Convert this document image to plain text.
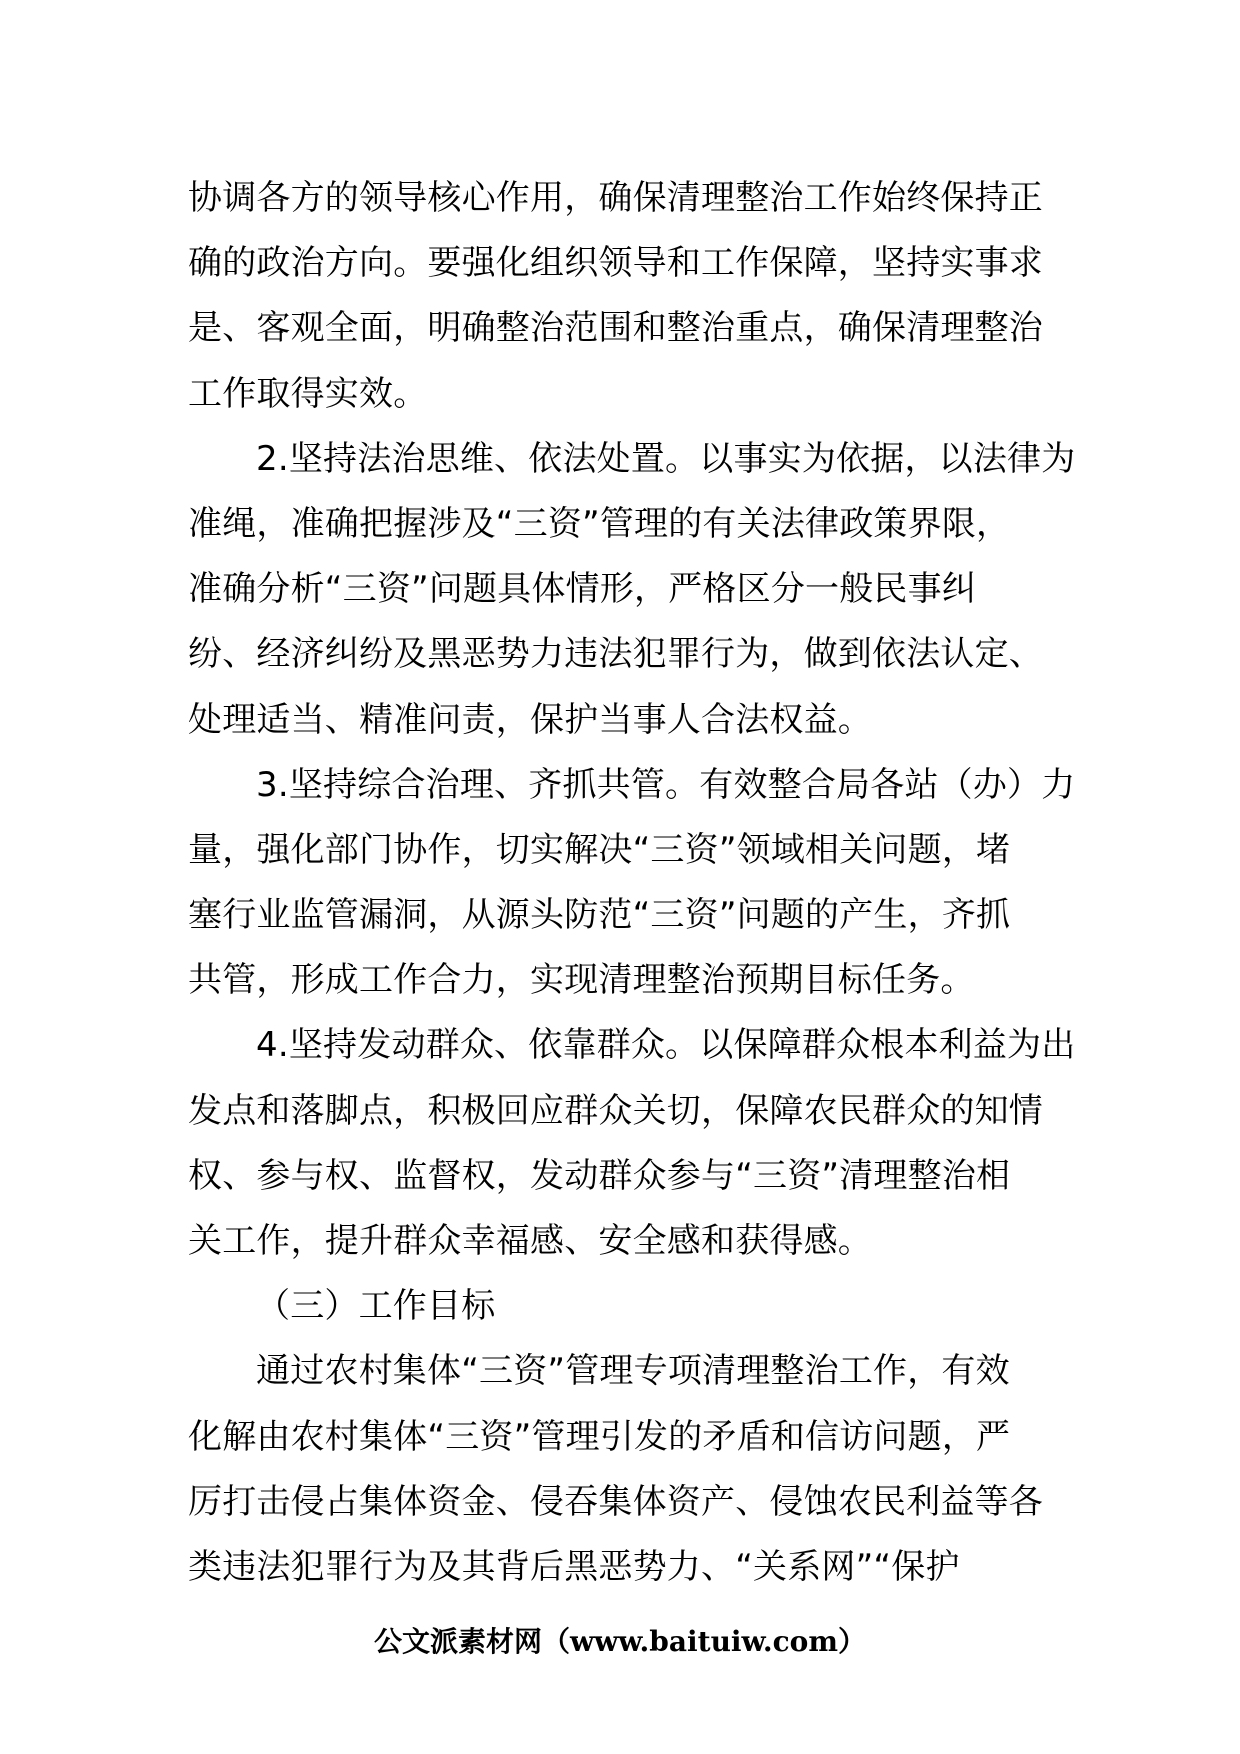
协调各方的领导核心作用，确保清理整治工作始终保持正
确的政治方向。要强化组织领导和工作保障，坚持实事求
是、客观全面，明确整治范围和整治重点，确保清理整治
工作取得实效。
2.坚持法治思维、依法处置。以事实为依据，以法律为
准绳，准确把握涉及“三资”管理的有关法律政策界限，
准确分析“三资”问题具体情形，严格区分一般民事纠
纷、经济纠纷及黑恶势力违法犯罪行为，做到依法认定、
处理适当、精准问责，保护当事人合法权益。
3.坚持综合治理、齐抓共管。有效整合局各站（办）力
量，强化部门协作，切实解决“三资”领域相关问题，堵
塞行业监管漏洞，从源头防范“三资”问题的产生，齐抓
共管，形成工作合力，实现清理整治预期目标任务。
4.坚持发动群众、依靠群众。以保障群众根本利益为出
发点和落脚点，积极回应群众关切，保障农民群众的知情
权、参与权、监督权，发动群众参与“三资”清理整治相
关工作，提升群众幸福感、安全感和获得感。
（三）工作目标
通过农村集体“三资”管理专项清理整治工作，有效
化解由农村集体“三资”管理引发的矛盾和信访问题，严
厉打击侵占集体资金、侵吞集体资产、侵蚀农民利益等各
类违法犯罪行为及其背后黑恶势力、“关系网”“保护
公文派素材网（www.baituiw.com）
